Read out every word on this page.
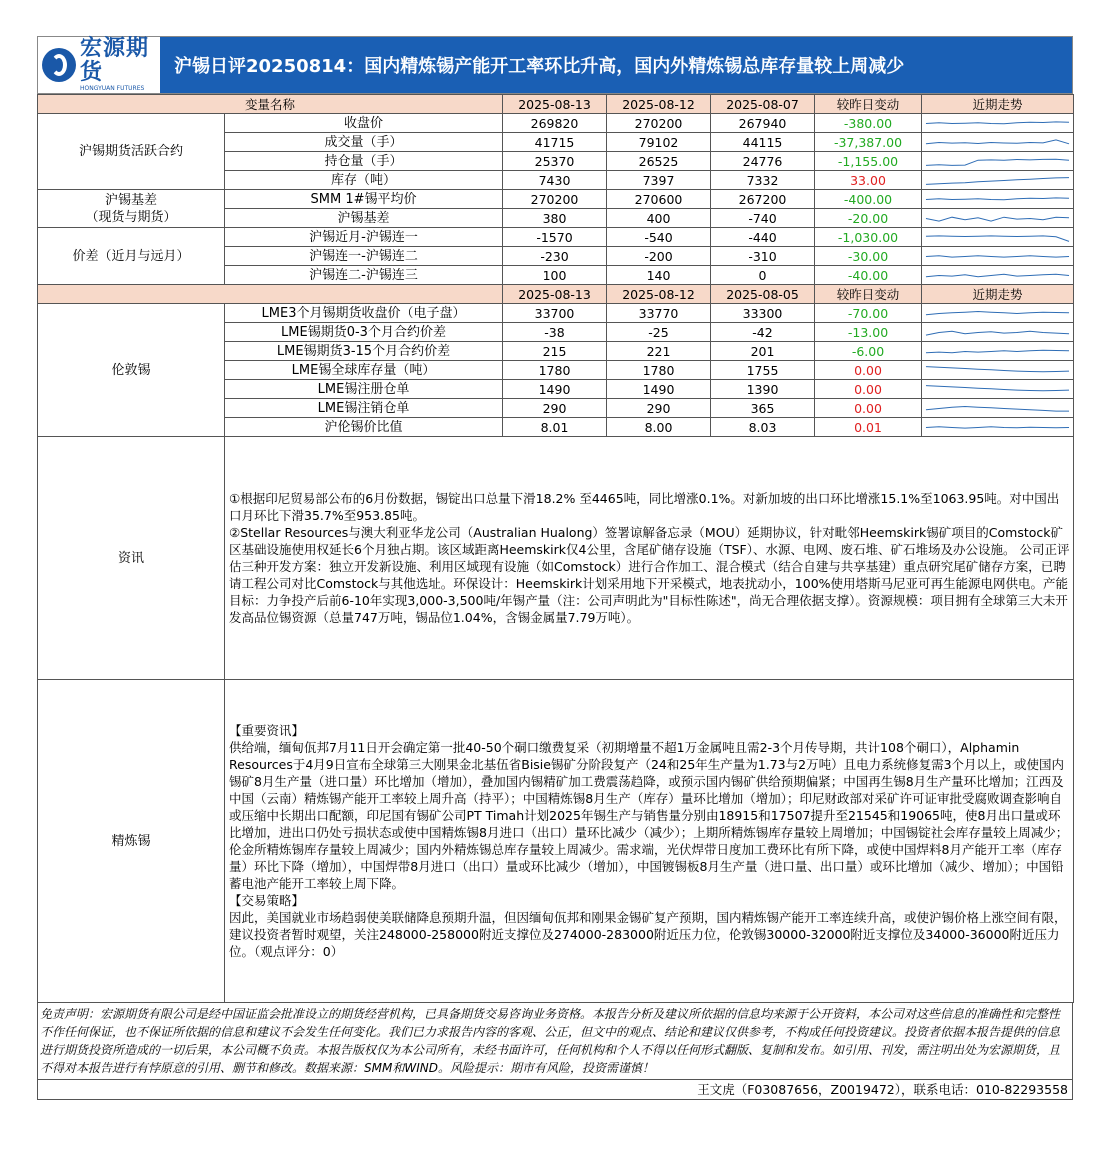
宏源期货
HONGYUAN FUTURES
沪锡日评20250814：国内精炼锡产能开工率环比升高，国内外精炼锡总库存量较上周减少
变量名称		2025-08-13	2025-08-12	2025-08-07	较昨日变动	近期走势
沪锡期货活跃合约	收盘价	269820	270200	267940	-380.00	

	成交量（手）	41715	79102	44115	-37,387.00	

	持仓量（手）	25370	26525	24776	-1,155.00	

	库存（吨）	7430	7397	7332	33.00	

沪锡基差
（现货与期货）	SMM 1#锡平均价	270200	270600	267200	-400.00	

	沪锡基差	380	400	-740	-20.00	

价差（近月与远月）	沪锡近月-沪锡连一	-1570	-540	-440	-1,030.00	

	沪锡连一-沪锡连二	-230	-200	-310	-30.00	

	沪锡连二-沪锡连三	100	140	0	-40.00	

		2025-08-13	2025-08-12	2025-08-05	较昨日变动	近期走势
伦敦锡	LME3个月锡期货收盘价（电子盘）	33700	33770	33300	-70.00	

	LME锡期货0-3个月合约价差	-38	-25	-42	-13.00	

	LME锡期货3-15个月合约价差	215	221	201	-6.00	

	LME锡全球库存量（吨）	1780	1780	1755	0.00	

	LME锡注册仓单	1490	1490	1390	0.00	

	LME锡注销仓单	290	290	365	0.00	

	沪伦锡价比值	8.01	8.00	8.03	0.01	

资讯	①根据印尼贸易部公布的6月份数据，锡锭出口总量下滑18.2% 至4465吨，同比增涨0.1%。对新加坡的出口环比增涨15.1%至1063.95吨。对中国出口月环比下滑35.7%至953.85吨。

②Stellar Resources与澳大利亚华龙公司（Australian Hualong）签署谅解备忘录（MOU）延期协议，针对毗邻Heemskirk锡矿项目的Comstock矿区基础设施使用权延长6个月独占期。该区域距离Heemskirk仅4公里，含尾矿储存设施（TSF）、水源、电网、废石堆、矿石堆场及办公设施。 公司正评估三种开发方案：独立开发新设施、利用区域现有设施（如Comstock）进行合作加工、混合模式（结合自建与共享基建）重点研究尾矿储存方案，已聘请工程公司对比Comstock与其他选址。环保设计：Heemskirk计划采用地下开采模式，地表扰动小，100%使用塔斯马尼亚可再生能源电网供电。产能目标：力争投产后前6-10年实现3,000-3,500吨/年锡产量（注：公司声明此为"目标性陈述"，尚无合理依据支撑）。资源规模：项目拥有全球第三大未开发高品位锡资源（总量747万吨，锡品位1.04%，含锡金属量7.79万吨）。					

精炼锡	【重要资讯】

供给端，缅甸佤邦7月11日开会确定第一批40-50个硐口缴费复采（初期增量不超1万金属吨且需2-3个月传导期，共计108个硐口），Alphamin Resources于4月9日宣布全球第三大刚果金北基伍省Bisie锡矿分阶段复产（24和25年生产量为1.73与2万吨）且电力系统修复需3个月以上，或使国内锡矿8月生产量（进口量）环比增加（增加），叠加国内锡精矿加工费震荡趋降，或预示国内锡矿供给预期偏紧；中国再生锡8月生产量环比增加；江西及中国（云南）精炼锡产能开工率较上周升高（持平）；中国精炼锡8月生产（库存）量环比增加（增加）；印尼财政部对采矿许可证审批受腐败调查影响自或压缩中长期出口配额，印尼国有锡矿公司PT Timah计划2025年锡生产与销售量分别由18915和17507提升至21545和19065吨，使8月出口量或环比增加，进出口仍处亏损状态或使中国精炼锡8月进口（出口）量环比减少（减少）；上期所精炼锡库存量较上周增加；中国锡锭社会库存量较上周减少；伦金所精炼锡库存量较上周减少；国内外精炼锡总库存量较上周减少。需求端，光伏焊带日度加工费环比有所下降，或使中国焊料8月产能开工率（库存量）环比下降（增加），中国焊带8月进口（出口）量或环比减少（增加），中国镀锡板8月生产量（进口量、出口量）或环比增加（减少、增加）；中国铅蓄电池产能开工率较上周下降。

【交易策略】

因此，美国就业市场趋弱使美联储降息预期升温，但因缅甸佤邦和刚果金锡矿复产预期，国内精炼锡产能开工率连续升高，或使沪锡价格上涨空间有限，建议投资者暂时观望，关注248000-258000附近支撑位及274000-283000附近压力位，伦敦锡30000-32000附近支撑位及34000-36000附近压力位。（观点评分：0）					

免责声明：宏源期货有限公司是经中国证监会批准设立的期货经营机构，已具备期货交易咨询业务资格。本报告分析及建议所依据的信息均来源于公开资料，本公司对这些信息的准确性和完整性不作任何保证，也不保证所依据的信息和建议不会发生任何变化。我们已力求报告内容的客观、公正，但文中的观点、结论和建议仅供参考，不构成任何投资建议。投资者依据本报告提供的信息进行期货投资所造成的一切后果，本公司概不负责。本报告版权仅为本公司所有，未经书面许可，任何机构和个人不得以任何形式翻版、复制和发布。如引用、刊发，需注明出处为宏源期货，且不得对本报告进行有悖原意的引用、删节和修改。数据来源：SMM和WIND。风险提示：期市有风险，投资需谨慎！
王文虎（F03087656，Z0019472），联系电话：010-82293558
